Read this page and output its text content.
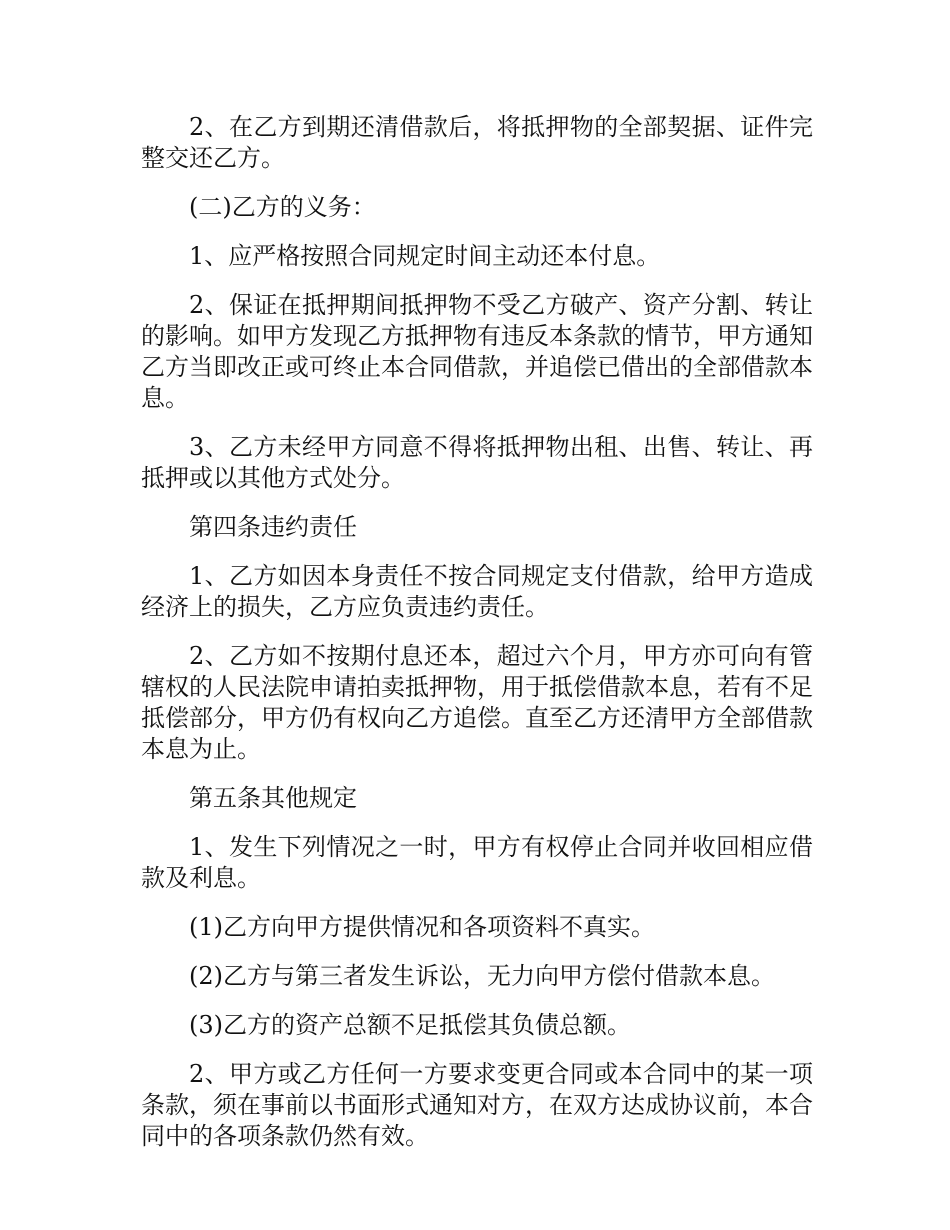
2、在乙方到期还清借款后，将抵押物的全部契据、证件完整交还乙方。

(二)乙方的义务：

1、应严格按照合同规定时间主动还本付息。

2、保证在抵押期间抵押物不受乙方破产、资产分割、转让的影响。如甲方发现乙方抵押物有违反本条款的情节，甲方通知乙方当即改正或可终止本合同借款，并追偿已借出的全部借款本息。

3、乙方未经甲方同意不得将抵押物出租、出售、转让、再抵押或以其他方式处分。

第四条违约责任

1、乙方如因本身责任不按合同规定支付借款，给甲方造成经济上的损失，乙方应负责违约责任。

2、乙方如不按期付息还本，超过六个月，甲方亦可向有管辖权的人民法院申请拍卖抵押物，用于抵偿借款本息，若有不足抵偿部分，甲方仍有权向乙方追偿。直至乙方还清甲方全部借款本息为止。

第五条其他规定

1、发生下列情况之一时，甲方有权停止合同并收回相应借款及利息。

(1)乙方向甲方提供情况和各项资料不真实。

(2)乙方与第三者发生诉讼，无力向甲方偿付借款本息。

(3)乙方的资产总额不足抵偿其负债总额。

2、甲方或乙方任何一方要求变更合同或本合同中的某一项条款，须在事前以书面形式通知对方，在双方达成协议前，本合同中的各项条款仍然有效。
